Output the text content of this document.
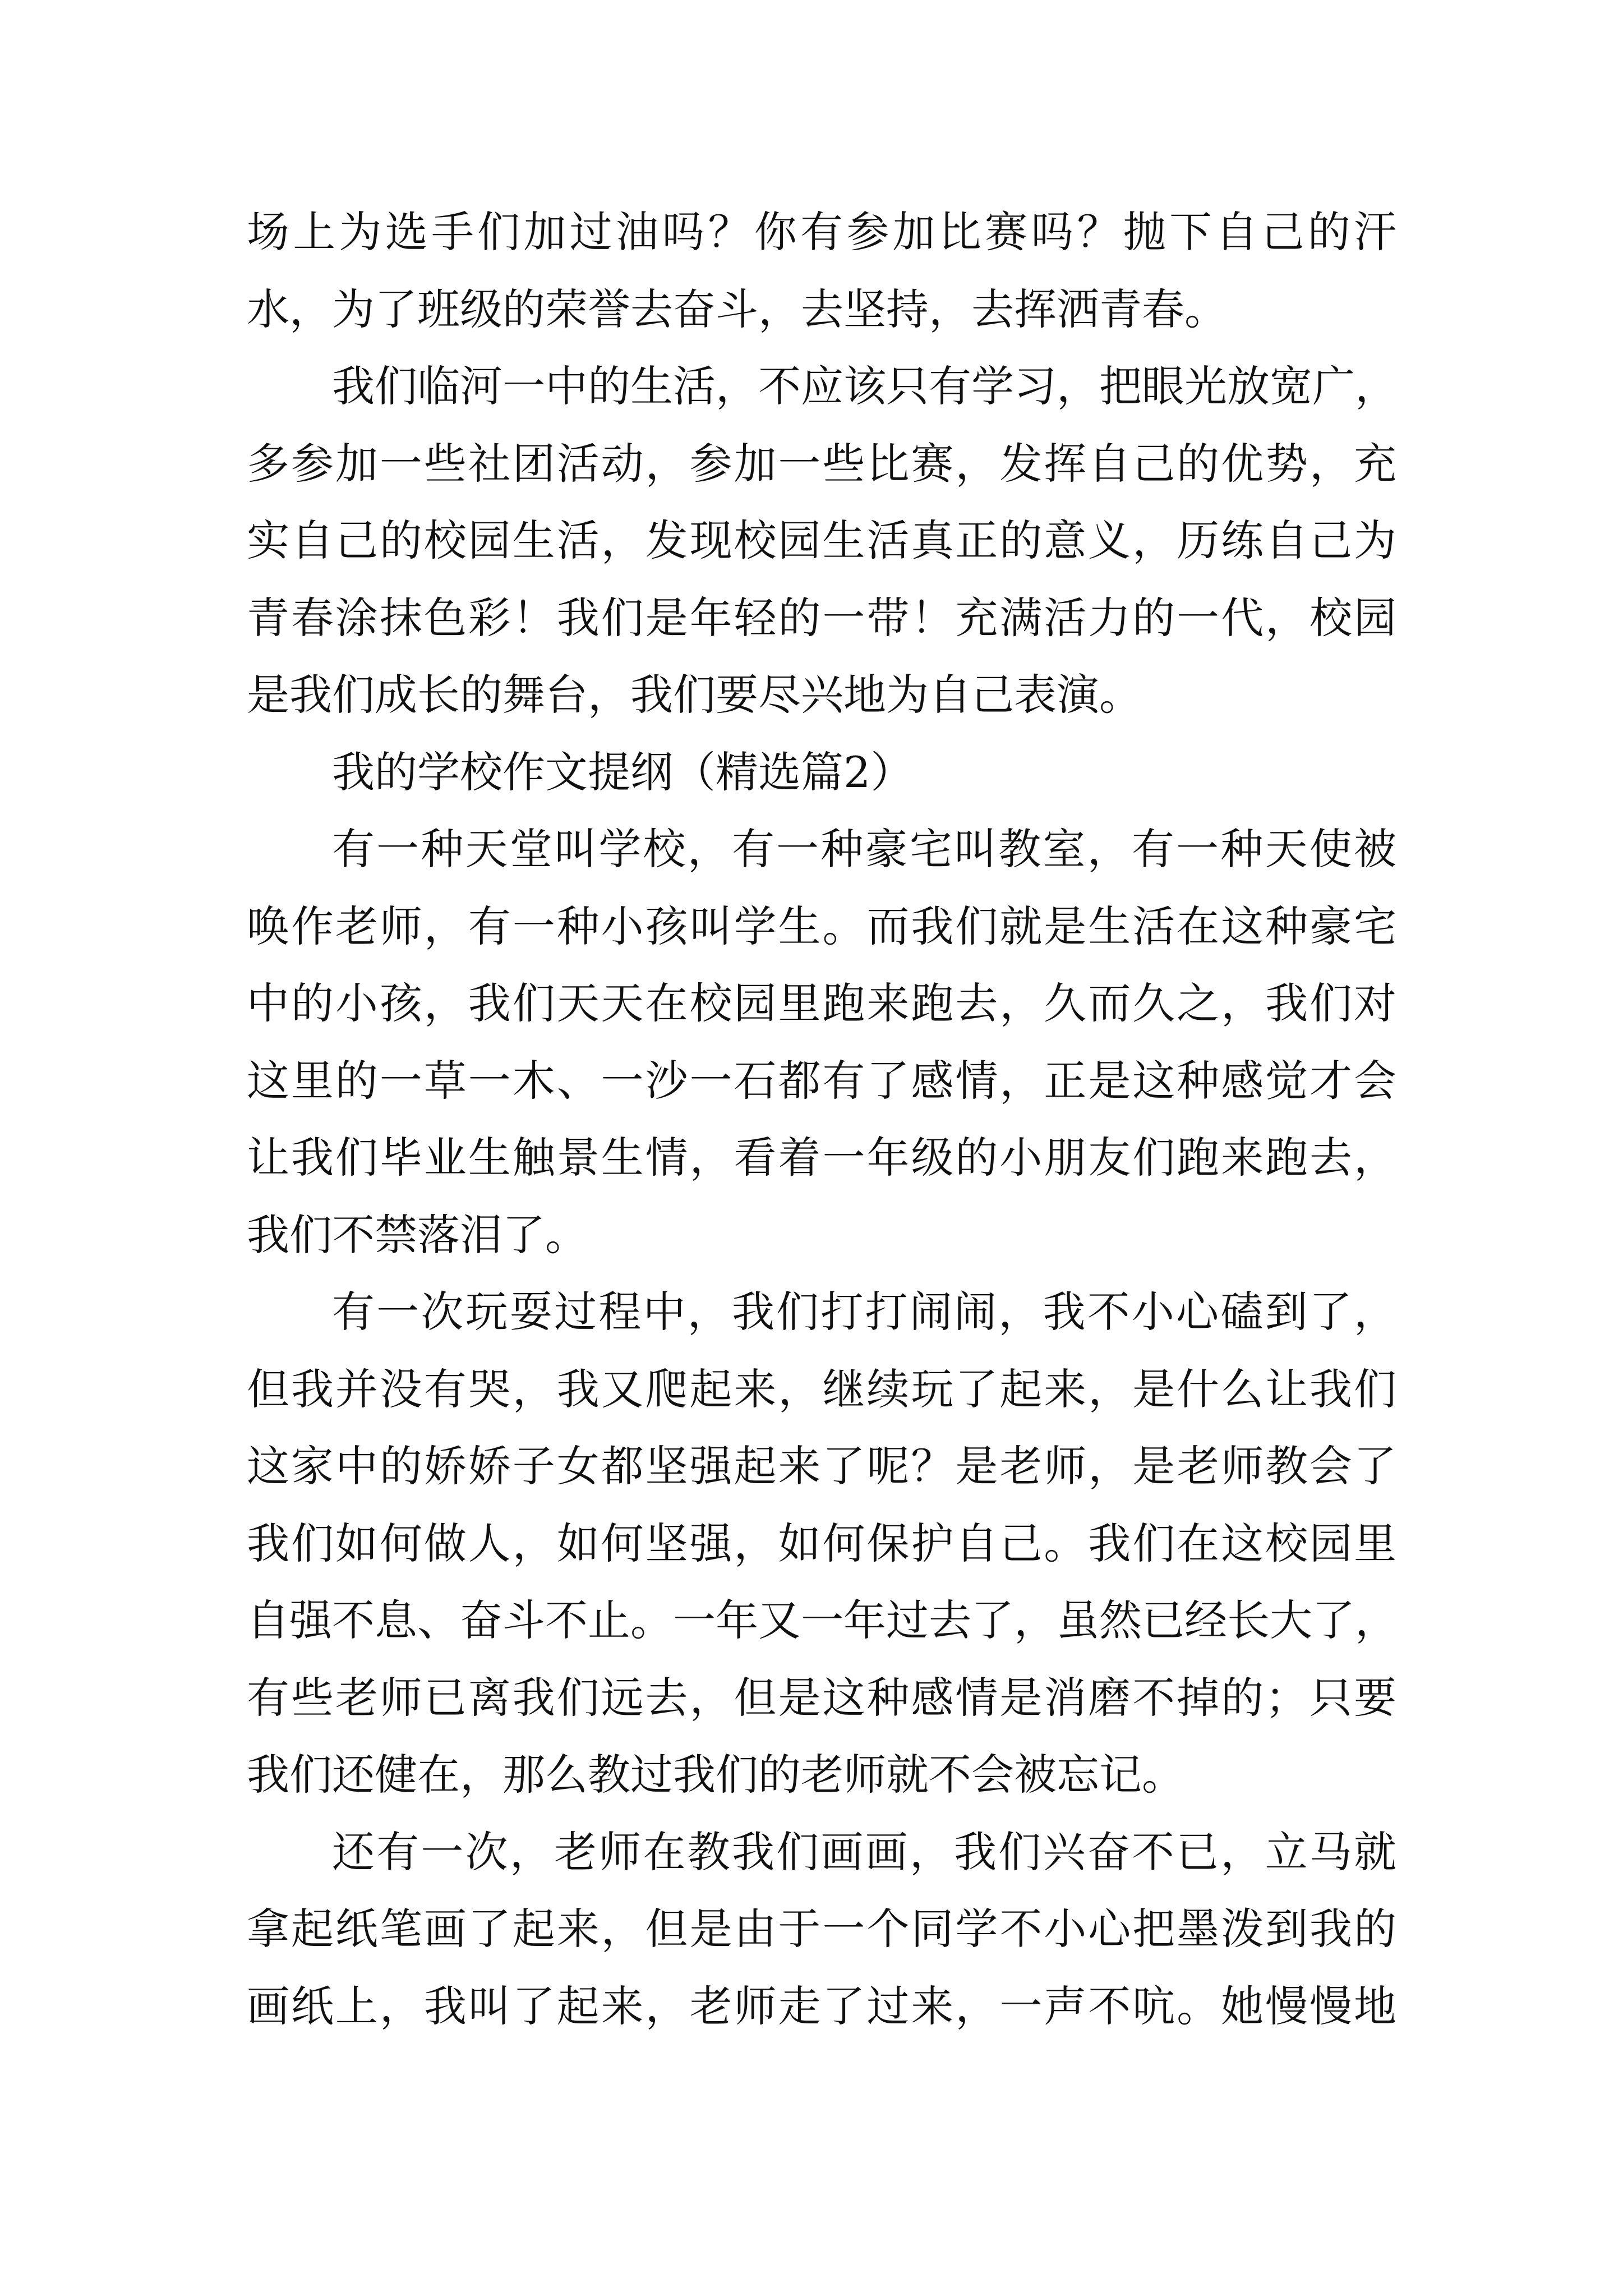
场上为选手们加过油吗？你有参加比赛吗？抛下自己的汗
水，为了班级的荣誉去奋斗，去坚持，去挥洒青春。
我们临河一中的生活，不应该只有学习，把眼光放宽广，
多参加一些社团活动，参加一些比赛，发挥自己的优势，充
实自己的校园生活，发现校园生活真正的意义，历练自己为
青春涂抹色彩！我们是年轻的一带！充满活力的一代，校园
是我们成长的舞台，我们要尽兴地为自己表演。
我的学校作文提纲（精选篇2）
有一种天堂叫学校，有一种豪宅叫教室，有一种天使被
唤作老师，有一种小孩叫学生。而我们就是生活在这种豪宅
中的小孩，我们天天在校园里跑来跑去，久而久之，我们对
这里的一草一木、一沙一石都有了感情，正是这种感觉才会
让我们毕业生触景生情，看着一年级的小朋友们跑来跑去，
我们不禁落泪了。
有一次玩耍过程中，我们打打闹闹，我不小心磕到了，
但我并没有哭，我又爬起来，继续玩了起来，是什么让我们
这家中的娇娇子女都坚强起来了呢？是老师，是老师教会了
我们如何做人，如何坚强，如何保护自己。我们在这校园里
自强不息、奋斗不止。一年又一年过去了，虽然已经长大了，
有些老师已离我们远去，但是这种感情是消磨不掉的；只要
我们还健在，那么教过我们的老师就不会被忘记。
还有一次，老师在教我们画画，我们兴奋不已，立马就
拿起纸笔画了起来，但是由于一个同学不小心把墨泼到我的
画纸上，我叫了起来，老师走了过来，一声不吭。她慢慢地
